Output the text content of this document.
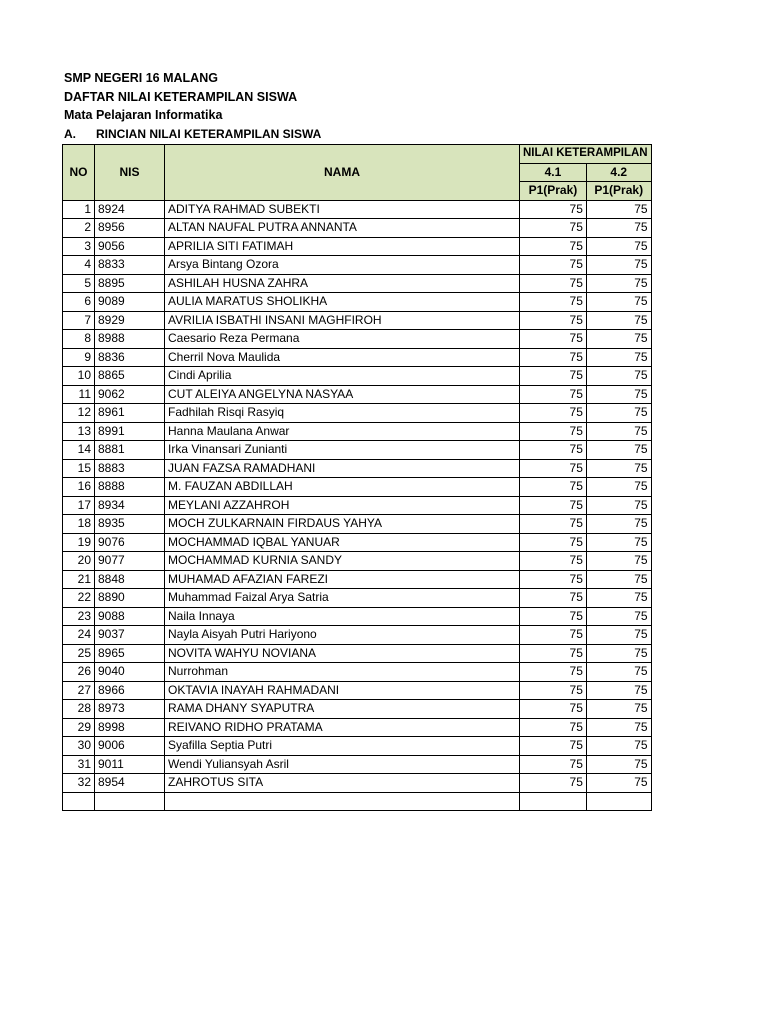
SMP NEGERI 16 MALANG
DAFTAR NILAI KETERAMPILAN SISWA
Mata Pelajaran Informatika
A. RINCIAN NILAI KETERAMPILAN SISWA
NO	NIS	NAMA	NILAI KETERAMPILAN	
			4.1	4.2
			P1(Prak)	P1(Prak)
1	8924	ADITYA RAHMAD SUBEKTI	75	75
2	8956	ALTAN NAUFAL PUTRA ANNANTA	75	75
3	9056	APRILIA SITI FATIMAH	75	75
4	8833	Arsya Bintang Ozora	75	75
5	8895	ASHILAH HUSNA ZAHRA	75	75
6	9089	AULIA MARATUS SHOLIKHA	75	75
7	8929	AVRILIA ISBATHI INSANI MAGHFIROH	75	75
8	8988	Caesario Reza Permana	75	75
9	8836	Cherril Nova Maulida	75	75
10	8865	Cindi Aprilia	75	75
11	9062	CUT ALEIYA ANGELYNA NASYAA	75	75
12	8961	Fadhilah Risqi Rasyiq	75	75
13	8991	Hanna Maulana Anwar	75	75
14	8881	Irka Vinansari Zunianti	75	75
15	8883	JUAN FAZSA RAMADHANI	75	75
16	8888	M. FAUZAN ABDILLAH	75	75
17	8934	MEYLANI AZZAHROH	75	75
18	8935	MOCH ZULKARNAIN FIRDAUS YAHYA	75	75
19	9076	MOCHAMMAD IQBAL YANUAR	75	75
20	9077	MOCHAMMAD KURNIA SANDY	75	75
21	8848	MUHAMAD AFAZIAN FAREZI	75	75
22	8890	Muhammad Faizal Arya Satria	75	75
23	9088	Naila Innaya	75	75
24	9037	Nayla Aisyah Putri Hariyono	75	75
25	8965	NOVITA WAHYU NOVIANA	75	75
26	9040	Nurrohman	75	75
27	8966	OKTAVIA INAYAH RAHMADANI	75	75
28	8973	RAMA DHANY SYAPUTRA	75	75
29	8998	REIVANO RIDHO PRATAMA	75	75
30	9006	Syafilla Septia Putri	75	75
31	9011	Wendi Yuliansyah Asril	75	75
32	8954	ZAHROTUS SITA	75	75
